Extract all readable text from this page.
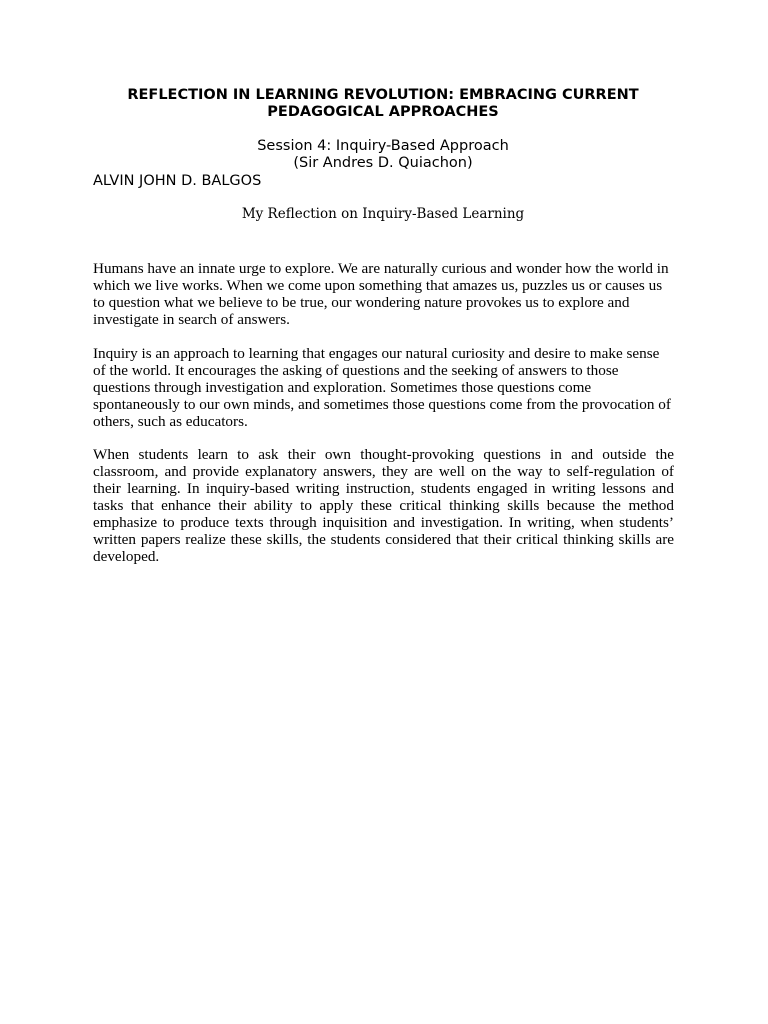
REFLECTION IN LEARNING REVOLUTION: EMBRACING CURRENT
PEDAGOGICAL APPROACHES
Session 4: Inquiry-Based Approach
(Sir Andres D. Quiachon)
ALVIN JOHN D. BALGOS
My Reflection on Inquiry-Based Learning

Humans have an innate urge to explore. We are naturally curious and wonder how the world in which we live works. When we come upon something that amazes us, puzzles us or causes us to question what we believe to be true, our wondering nature provokes us to explore and investigate in search of answers.

Inquiry is an approach to learning that engages our natural curiosity and desire to make sense of the world. It encourages the asking of questions and the seeking of answers to those questions through investigation and exploration. Sometimes those questions come spontaneously to our own minds, and sometimes those questions come from the provocation of others, such as educators.

When students learn to ask their own thought-provoking questions in and outside the classroom, and provide explanatory answers, they are well on the way to self-regulation of their learning. In inquiry-based writing instruction, students engaged in writing lessons and tasks that enhance their ability to apply these critical thinking skills because the method emphasize to produce texts through inquisition and investigation. In writing, when students’ written papers realize these skills, the students considered that their critical thinking skills are developed.
